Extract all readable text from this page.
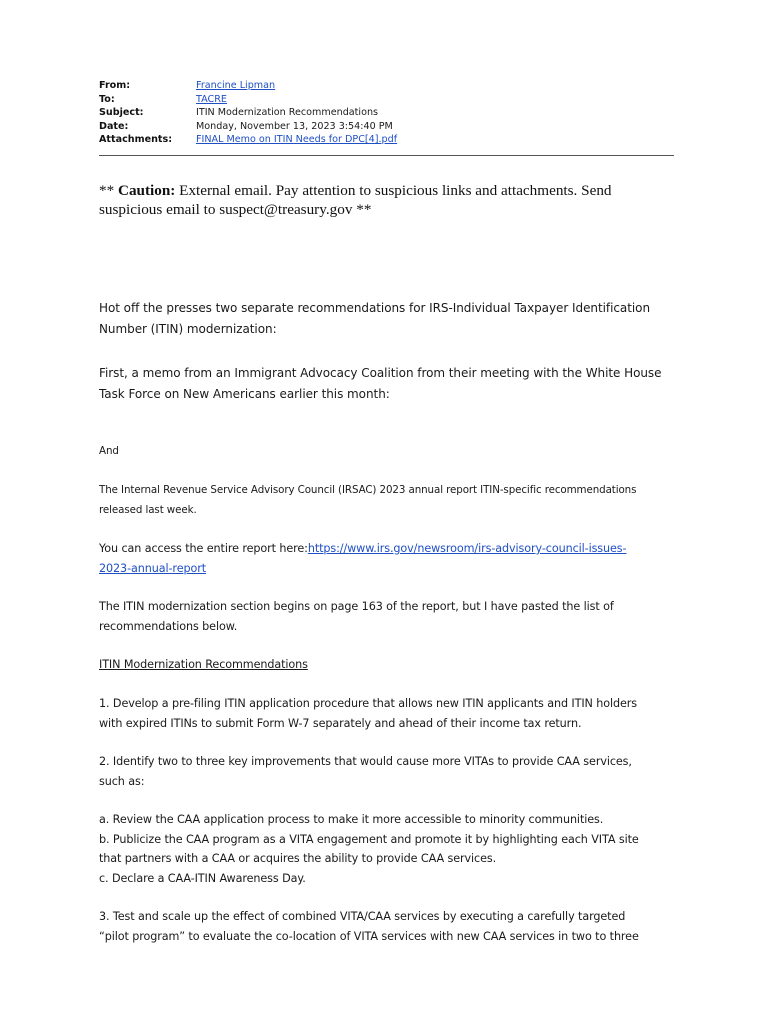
From:	Francine Lipman
To:	TACRE
Subject:	ITIN Modernization Recommendations
Date:	Monday, November 13, 2023 3:54:40 PM
Attachments:	FINAL Memo on ITIN Needs for DPC[4].pdf
** Caution: External email. Pay attention to suspicious links and attachments. Send
suspicious email to suspect@treasury.gov **
Hot off the presses two separate recommendations for IRS-Individual Taxpayer Identification
Number (ITIN) modernization:
First, a memo from an Immigrant Advocacy Coalition from their meeting with the White House
Task Force on New Americans earlier this month:
And
The Internal Revenue Service Advisory Council (IRSAC) 2023 annual report ITIN-specific recommendations
released last week.
You can access the entire report here:https://www.irs.gov/newsroom/irs-advisory-council-issues-
2023-annual-report
The ITIN modernization section begins on page 163 of the report, but I have pasted the list of
recommendations below.
ITIN Modernization Recommendations
1. Develop a pre-filing ITIN application procedure that allows new ITIN applicants and ITIN holders
with expired ITINs to submit Form W-7 separately and ahead of their income tax return.
2. Identify two to three key improvements that would cause more VITAs to provide CAA services,
such as:
a. Review the CAA application process to make it more accessible to minority communities.
b. Publicize the CAA program as a VITA engagement and promote it by highlighting each VITA site
that partners with a CAA or acquires the ability to provide CAA services.
c. Declare a CAA-ITIN Awareness Day.
3. Test and scale up the effect of combined VITA/CAA services by executing a carefully targeted
“pilot program” to evaluate the co-location of VITA services with new CAA services in two to three
